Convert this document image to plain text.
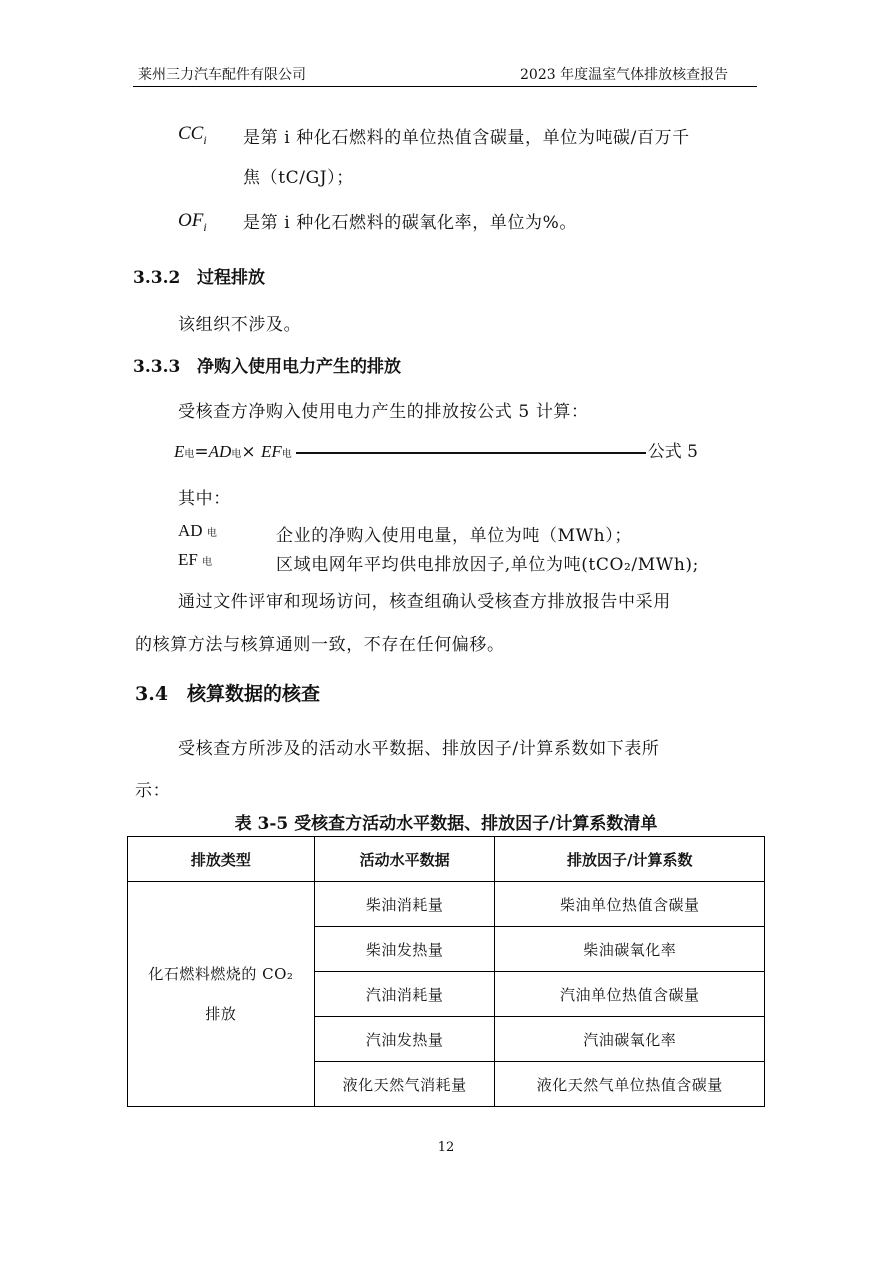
莱州三力汽车配件有限公司	2023 年度温室气体排放核查报告
$CC_i$ 是第 i 种化石燃料的单位热值含碳量，单位为吨碳/百万千
焦（tC/GJ）；
$OF_i$ 是第 i 种化石燃料的碳氧化率，单位为%。
3.3.2 过程排放
该组织不涉及。
3.3.3 净购入使用电力产生的排放
受核查方净购入使用电力产生的排放按公式 5 计算：
E电=AD电× EF电	公式 5
其中：
AD 电	企业的净购入使用电量，单位为吨（MWh）；
EF 电	区域电网年平均供电排放因子,单位为吨(tCO₂/MWh);
通过文件评审和现场访问，核查组确认受核查方排放报告中采用
的核算方法与核算通则一致，不存在任何偏移。
3.4 核算数据的核查
受核查方所涉及的活动水平数据、排放因子/计算系数如下表所
示：
表 3-5 受核查方活动水平数据、排放因子/计算系数清单
排放类型	活动水平数据	排放因子/计算系数
化石燃料燃烧的 CO₂
排放	柴油消耗量	柴油单位热值含碳量
	柴油发热量	柴油碳氧化率
	汽油消耗量	汽油单位热值含碳量
	汽油发热量	汽油碳氧化率
	液化天然气消耗量	液化天然气单位热值含碳量
12
